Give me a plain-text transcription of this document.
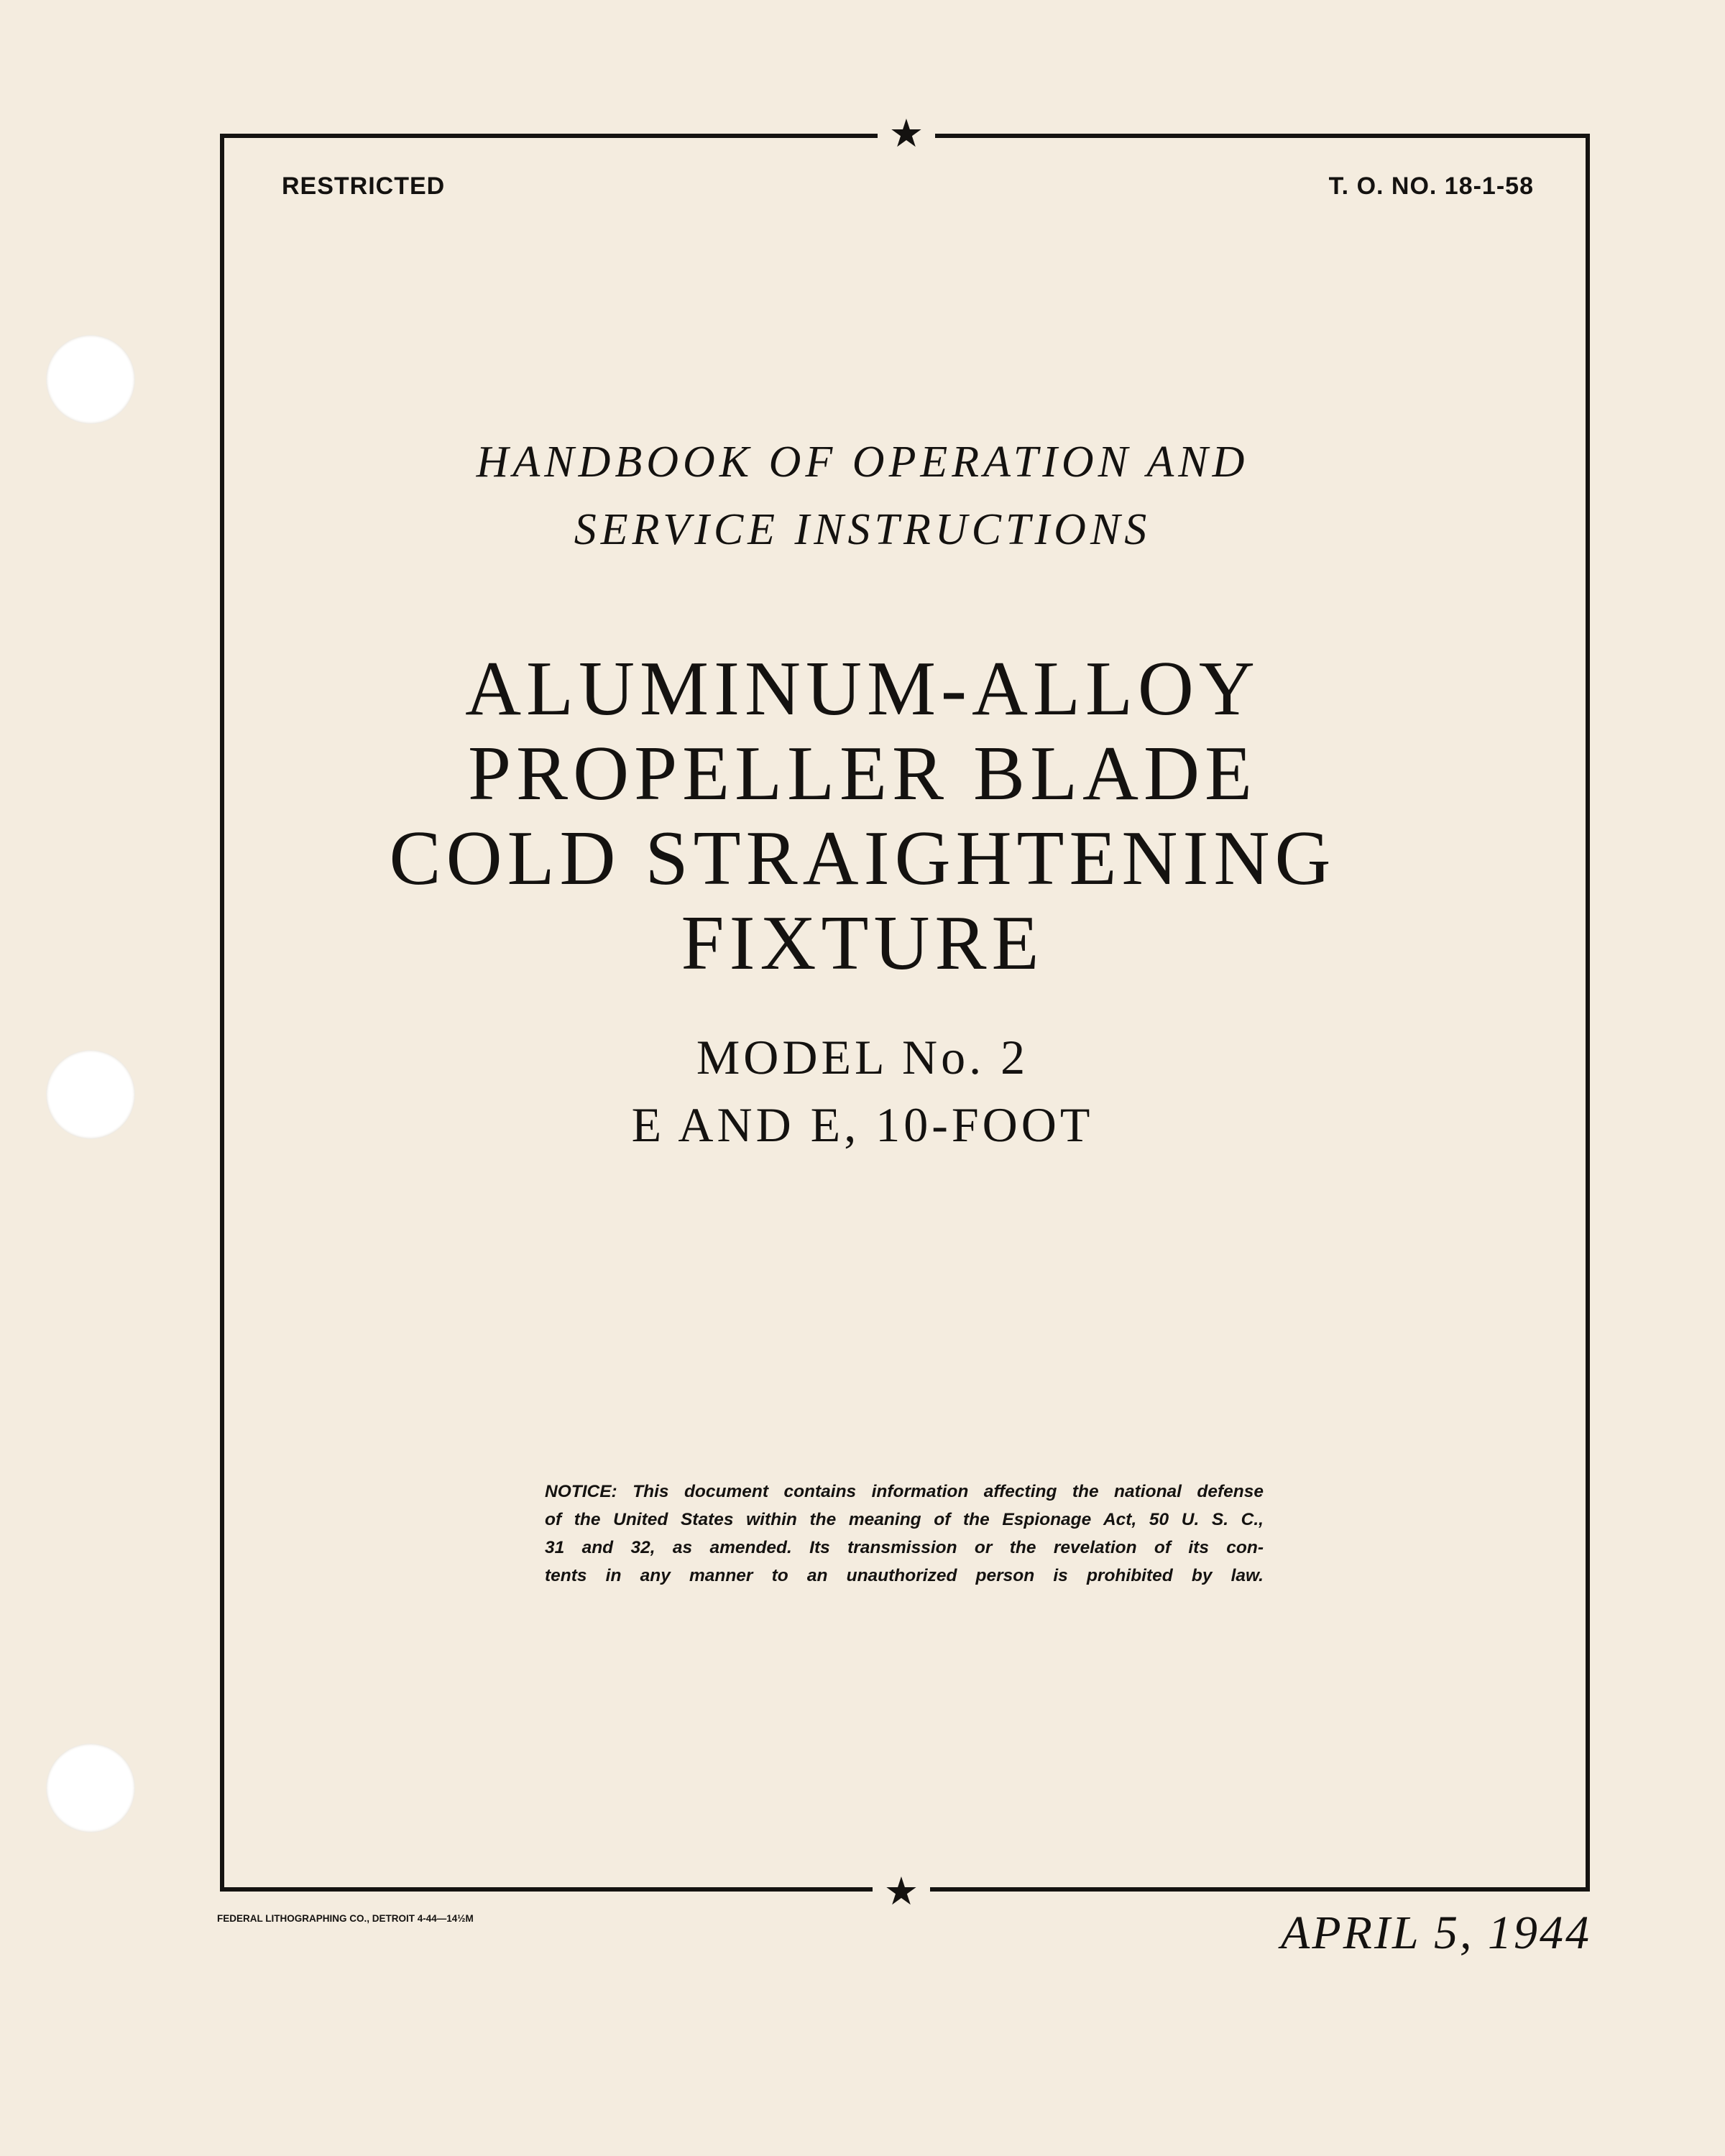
★
★
RESTRICTED	T. O. NO. 18-1-58
HANDBOOK OF OPERATION AND
SERVICE INSTRUCTIONS
ALUMINUM-ALLOY
PROPELLER BLADE
COLD STRAIGHTENING
FIXTURE
MODEL No. 2
E AND E, 10-FOOT
NOTICE: This document contains information affecting the national defense
of the United States within the meaning of the Espionage Act, 50 U. S. C.,
31 and 32, as amended. Its transmission or the revelation of its con-
tents in any manner to an unauthorized person is prohibited by law.
FEDERAL LITHOGRAPHING CO., DETROIT 4-44—14½M	APRIL 5, 1944
